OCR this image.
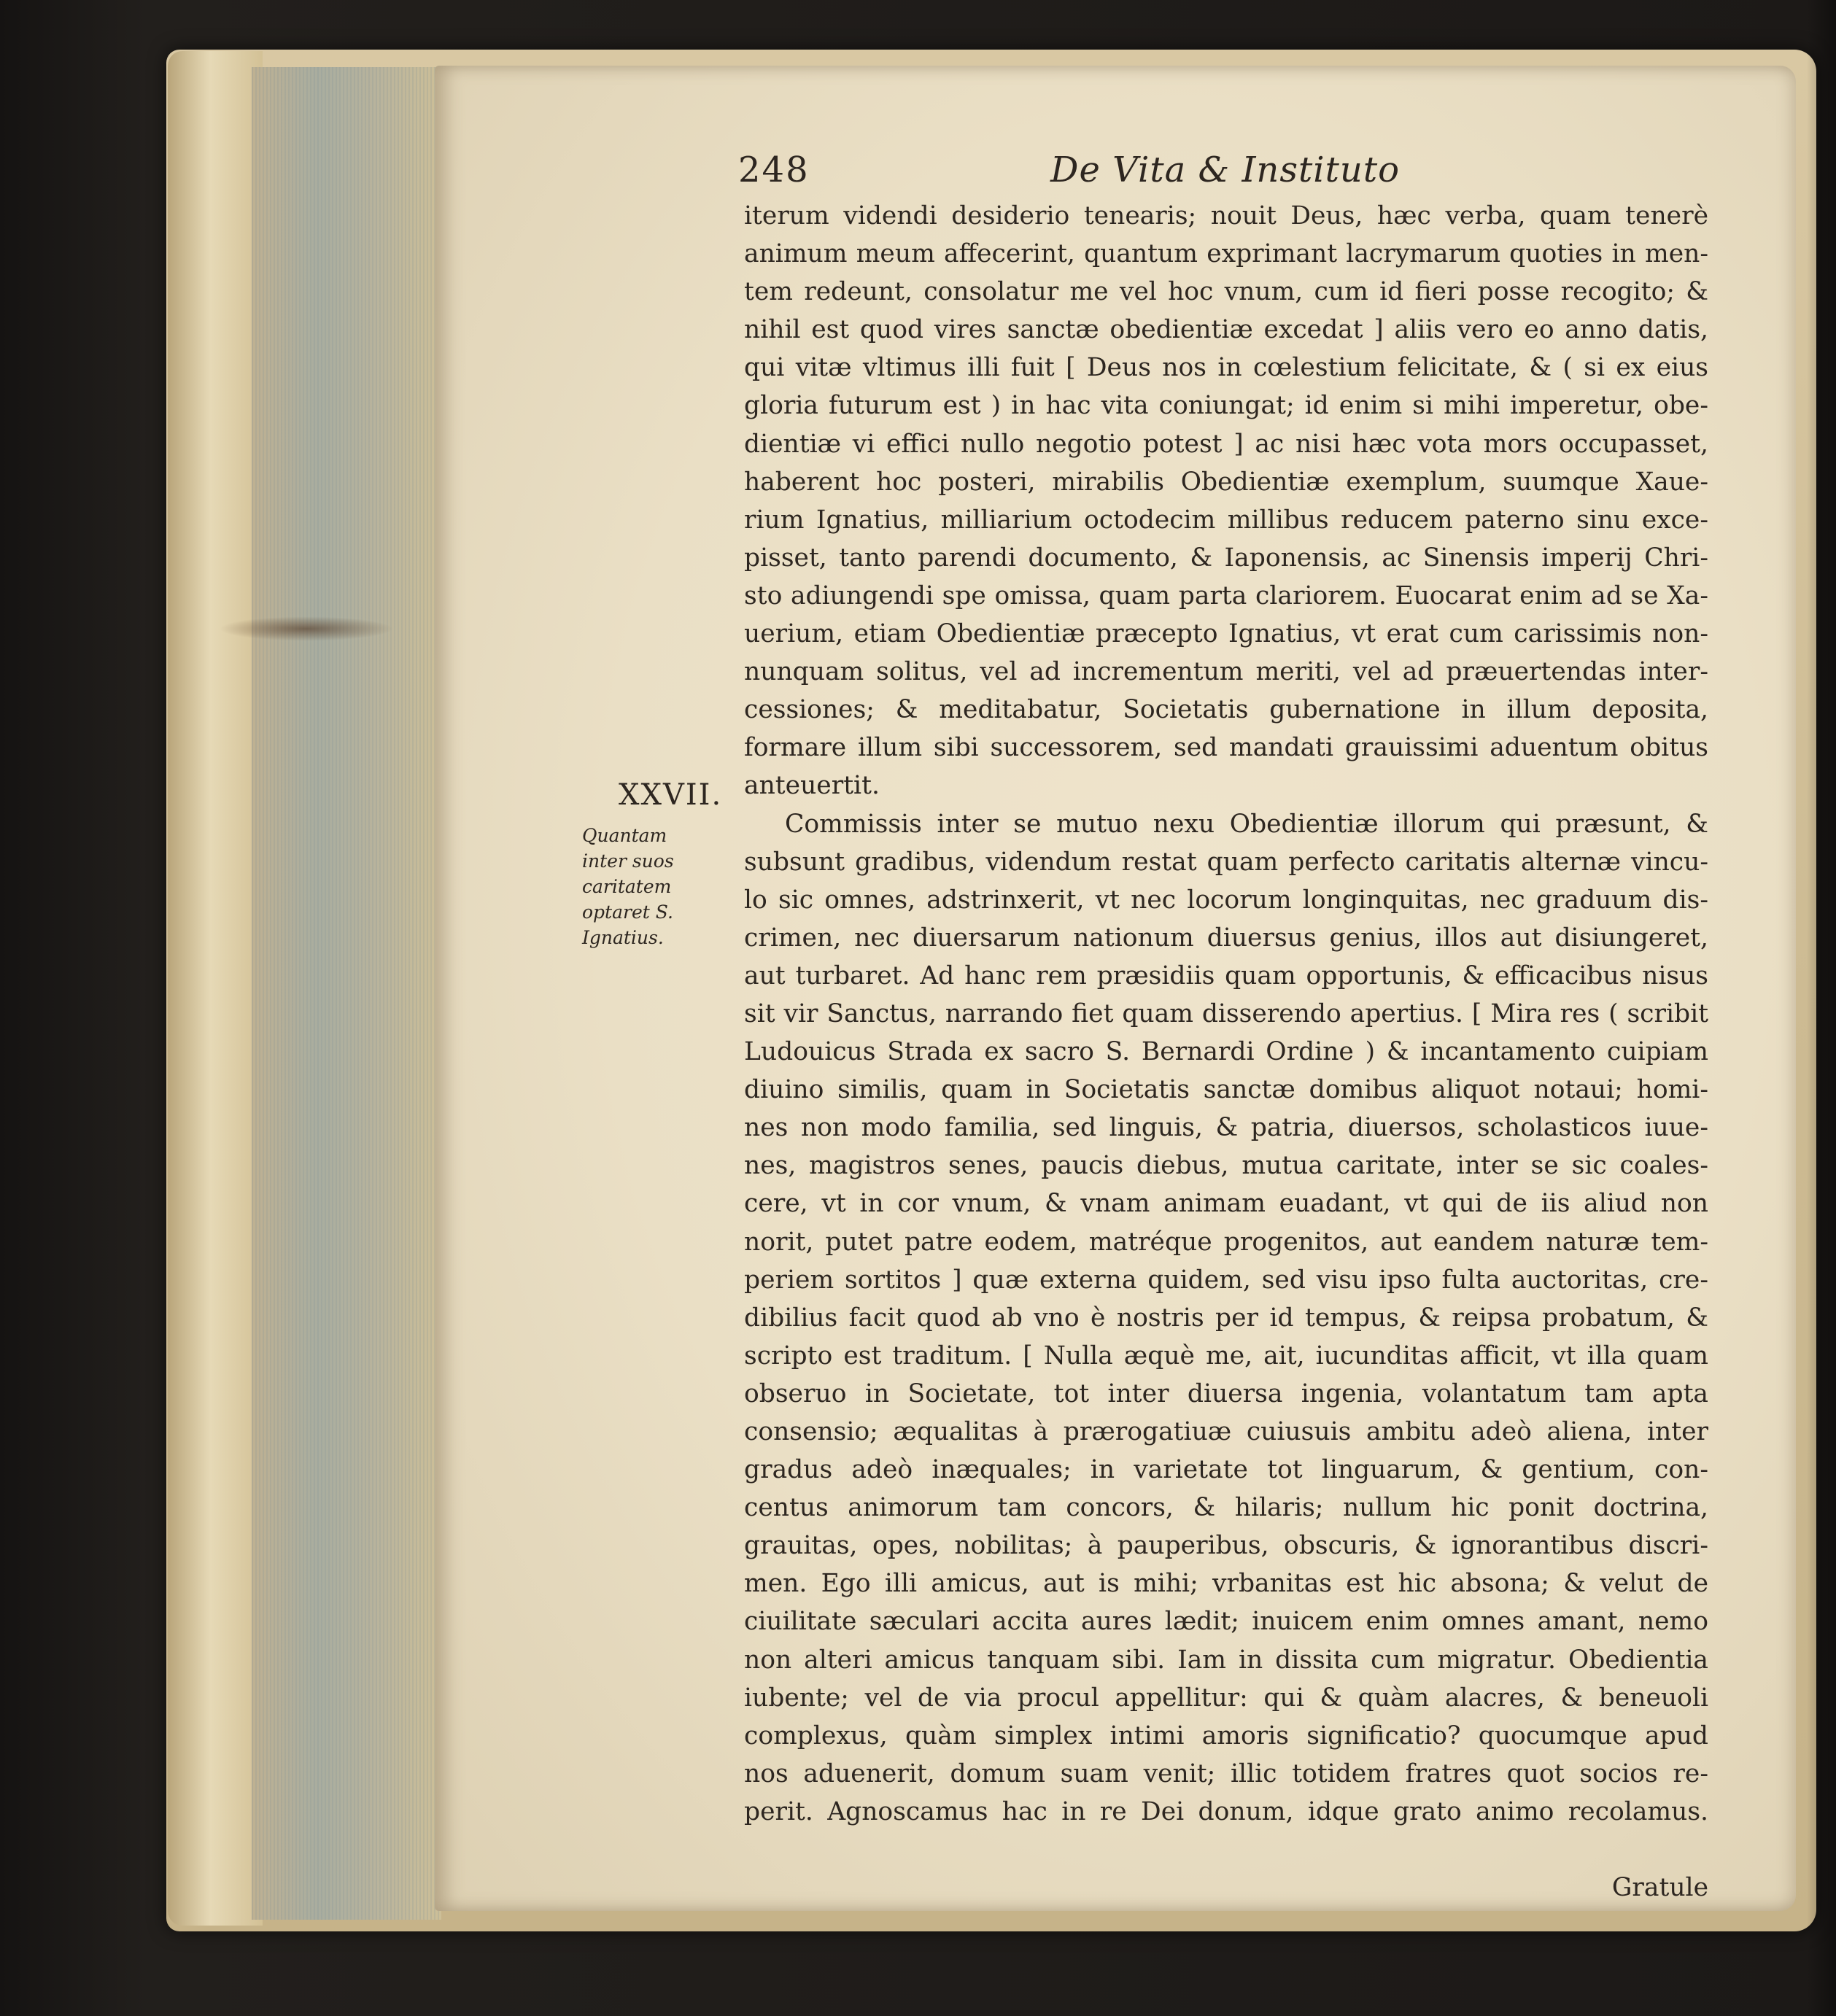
248	De Vita & Instituto
XXVII.
Quantam
inter suos
caritatem
optaret S.
Ignatius.
iterum videndi desiderio tenearis; nouit Deus, hæc verba, quam tenerè
animum meum affecerint, quantum exprimant lacrymarum quoties in men-
tem redeunt, consolatur me vel hoc vnum, cum id fieri posse recogito; &
nihil est quod vires sanctæ obedientiæ excedat ] aliis vero eo anno datis,
qui vitæ vltimus illi fuit [ Deus nos in cœlestium felicitate, & ( si ex eius
gloria futurum est ) in hac vita coniungat; id enim si mihi imperetur, obe-
dientiæ vi effici nullo negotio potest ] ac nisi hæc vota mors occupasset,
haberent hoc posteri, mirabilis Obedientiæ exemplum, suumque Xaue-
rium Ignatius, milliarium octodecim millibus reducem paterno sinu exce-
pisset, tanto parendi documento, & Iaponensis, ac Sinensis imperij Chri-
sto adiungendi spe omissa, quam parta clariorem. Euocarat enim ad se Xa-
uerium, etiam Obedientiæ præcepto Ignatius, vt erat cum carissimis non-
nunquam solitus, vel ad incrementum meriti, vel ad præuertendas inter-
cessiones; & meditabatur, Societatis gubernatione in illum deposita,
formare illum sibi successorem, sed mandati grauissimi aduentum obitus
anteuertit.
Commissis inter se mutuo nexu Obedientiæ illorum qui præsunt, &
subsunt gradibus, videndum restat quam perfecto caritatis alternæ vincu-
lo sic omnes, adstrinxerit, vt nec locorum longinquitas, nec graduum dis-
crimen, nec diuersarum nationum diuersus genius, illos aut disiungeret,
aut turbaret. Ad hanc rem præsidiis quam opportunis, & efficacibus nisus
sit vir Sanctus, narrando fiet quam disserendo apertius. [ Mira res ( scribit
Ludouicus Strada ex sacro S. Bernardi Ordine ) & incantamento cuipiam
diuino similis, quam in Societatis sanctæ domibus aliquot notaui; homi-
nes non modo familia, sed linguis, & patria, diuersos, scholasticos iuue-
nes, magistros senes, paucis diebus, mutua caritate, inter se sic coales-
cere, vt in cor vnum, & vnam animam euadant, vt qui de iis aliud non
norit, putet patre eodem, matréque progenitos, aut eandem naturæ tem-
periem sortitos ] quæ externa quidem, sed visu ipso fulta auctoritas, cre-
dibilius facit quod ab vno è nostris per id tempus, & reipsa probatum, &
scripto est traditum. [ Nulla æquè me, ait, iucunditas afficit, vt illa quam
obseruo in Societate, tot inter diuersa ingenia, volantatum tam apta
consensio; æqualitas à prærogatiuæ cuiusuis ambitu adeò aliena, inter
gradus adeò inæquales; in varietate tot linguarum, & gentium, con-
centus animorum tam concors, & hilaris; nullum hic ponit doctrina,
grauitas, opes, nobilitas; à pauperibus, obscuris, & ignorantibus discri-
men. Ego illi amicus, aut is mihi; vrbanitas est hic absona; & velut de
ciuilitate sæculari accita aures lædit; inuicem enim omnes amant, nemo
non alteri amicus tanquam sibi. Iam in dissita cum migratur. Obedientia
iubente; vel de via procul appellitur: qui & quàm alacres, & beneuoli
complexus, quàm simplex intimi amoris significatio? quocumque apud
nos aduenerit, domum suam venit; illic totidem fratres quot socios re-
perit. Agnoscamus hac in re Dei donum, idque grato animo recolamus.
Gratule
